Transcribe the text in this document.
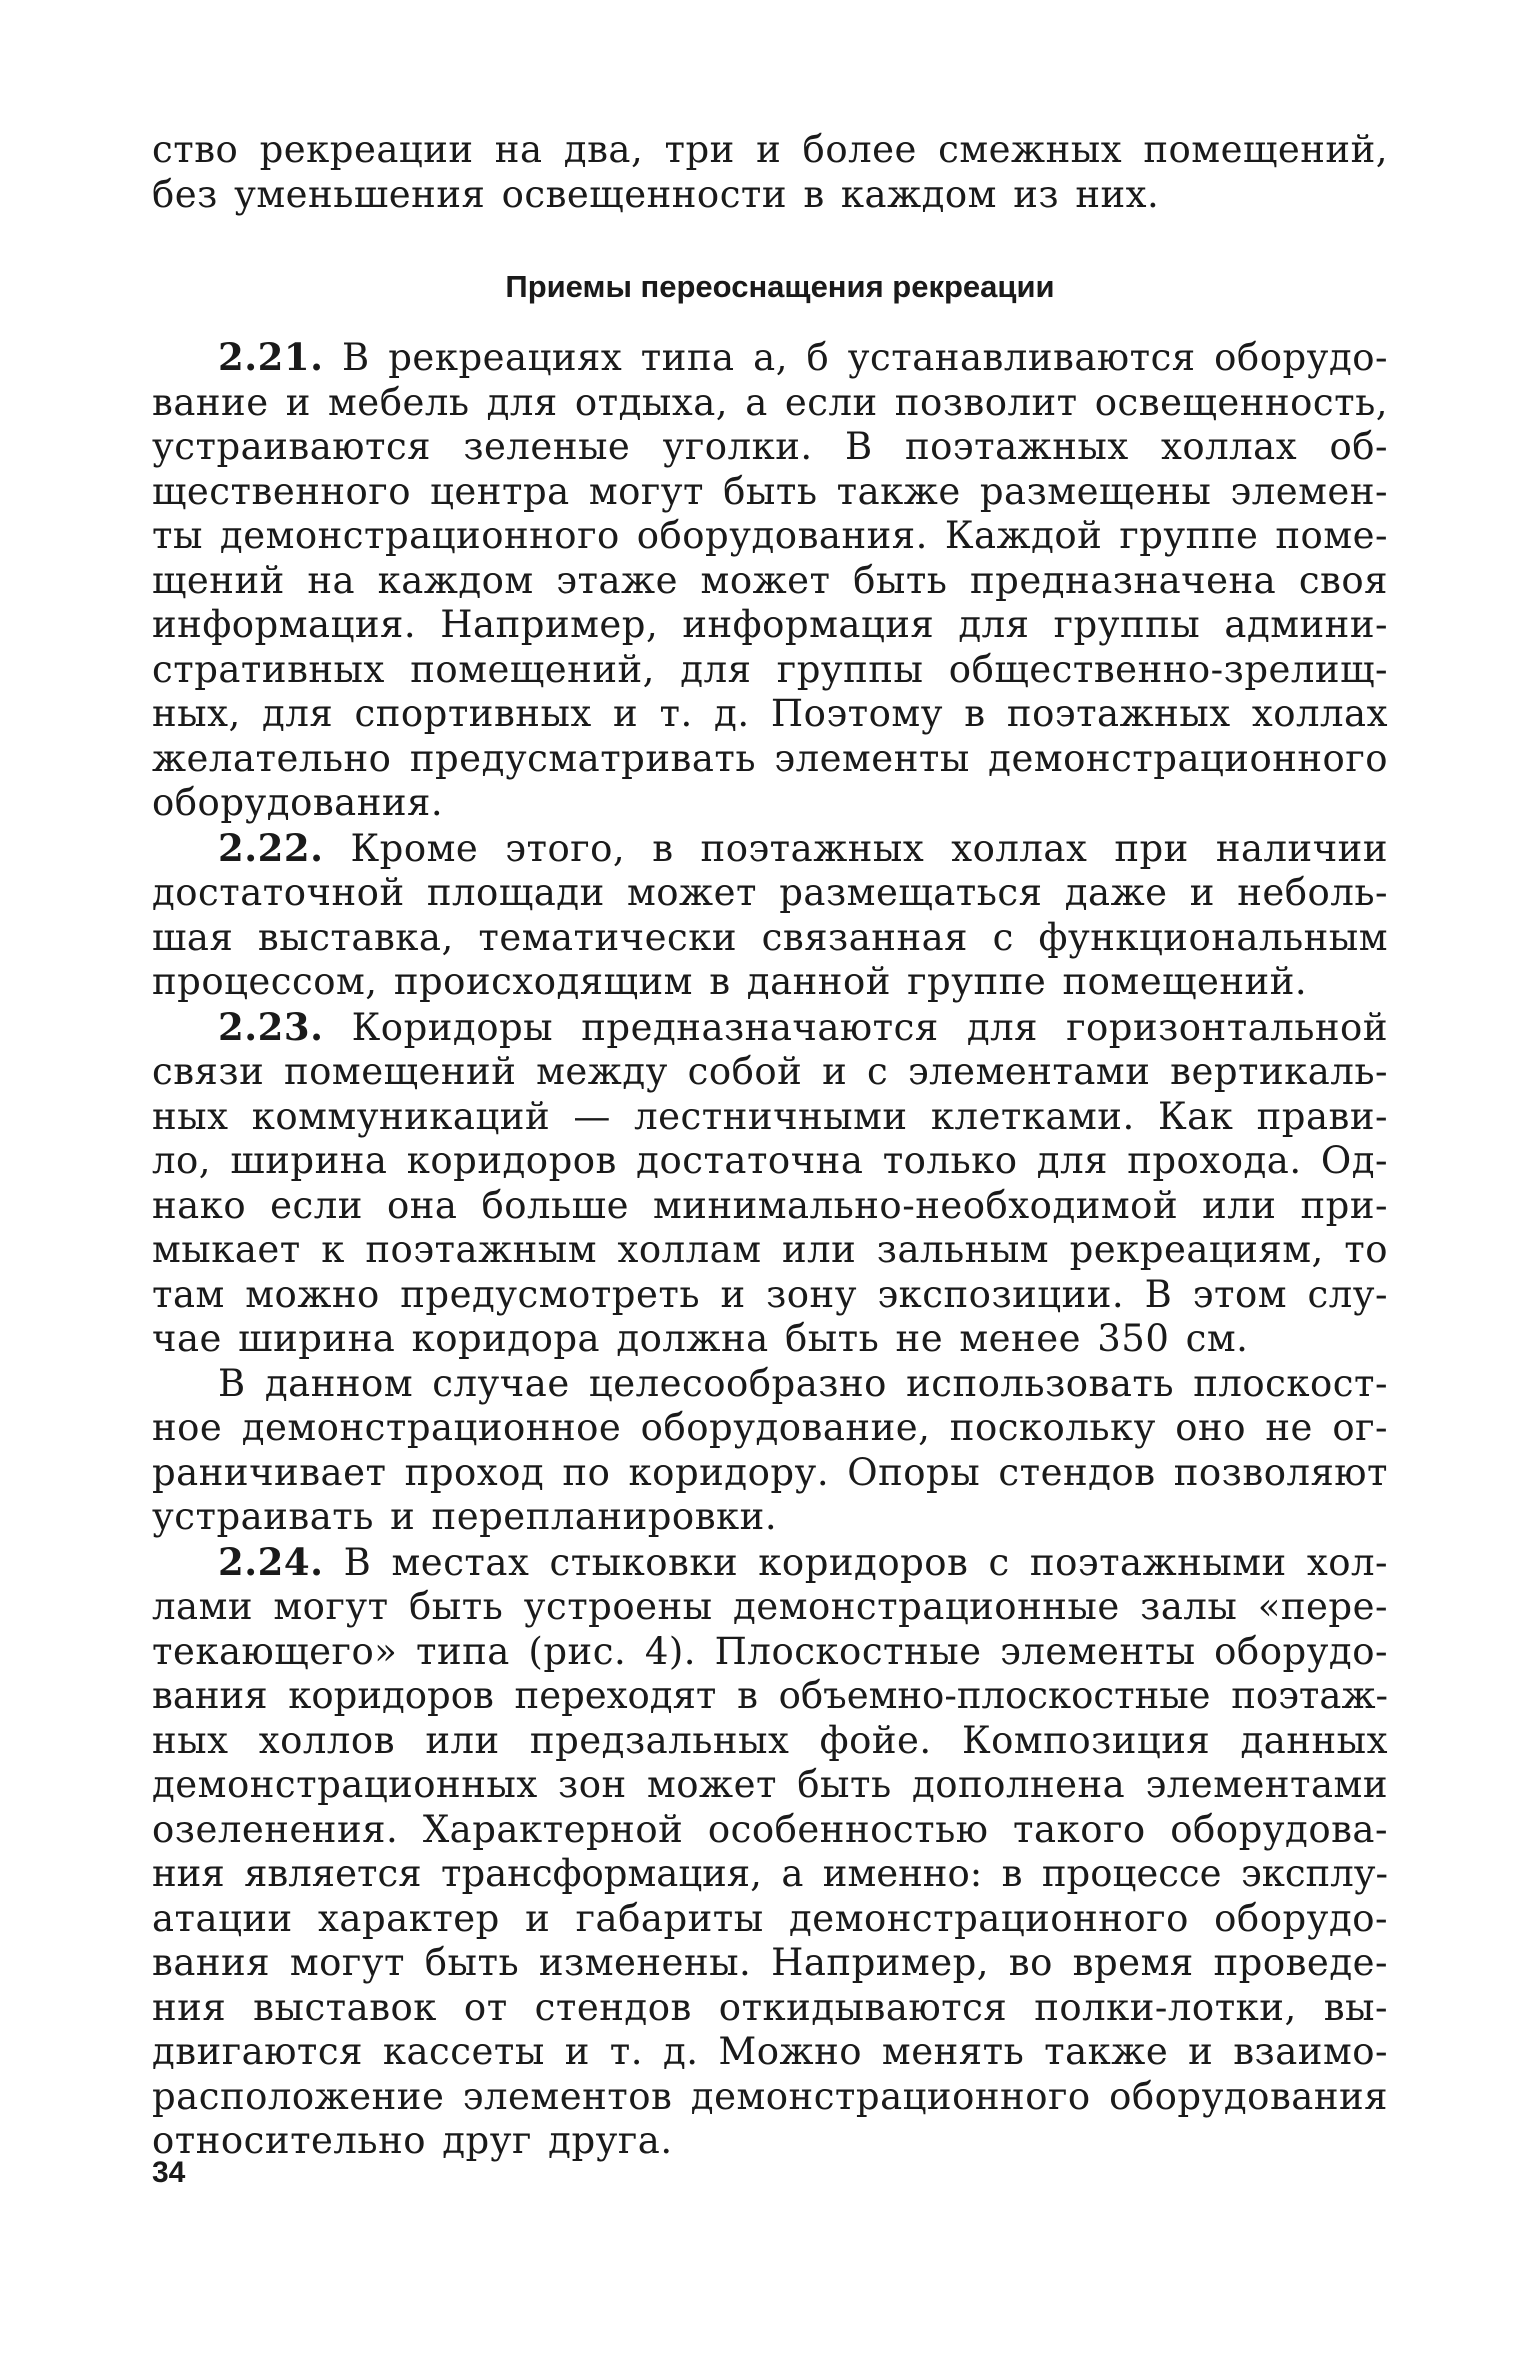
ство рекреации на два, три и более смежных помещений,
без уменьшения освещенности в каждом из них.
Приемы переоснащения рекреации
2.21. В рекреациях типа а, б устанавливаются оборудо-
вание и мебель для отдыха, а если позволит освещенность,
устраиваются зеленые уголки. В поэтажных холлах об-
щественного центра могут быть также размещены элемен-
ты демонстрационного оборудования. Каждой группе поме-
щений на каждом этаже может быть предназначена своя
информация. Например, информация для группы админи-
стративных помещений, для группы общественно-зрелищ-
ных, для спортивных и т. д. Поэтому в поэтажных холлах
желательно предусматривать элементы демонстрационного
оборудования.
2.22. Кроме этого, в поэтажных холлах при наличии
достаточной площади может размещаться даже и неболь-
шая выставка, тематически связанная с функциональным
процессом, происходящим в данной группе помещений.
2.23. Коридоры предназначаются для горизонтальной
связи помещений между собой и с элементами вертикаль-
ных коммуникаций — лестничными клетками. Как прави-
ло, ширина коридоров достаточна только для прохода. Од-
нако если она больше минимально-необходимой или при-
мыкает к поэтажным холлам или зальным рекреациям, то
там можно предусмотреть и зону экспозиции. В этом слу-
чае ширина коридора должна быть не менее 350 см.
В данном случае целесообразно использовать плоскост-
ное демонстрационное оборудование, поскольку оно не ог-
раничивает проход по коридору. Опоры стендов позволяют
устраивать и перепланировки.
2.24. В местах стыковки коридоров с поэтажными хол-
лами могут быть устроены демонстрационные залы «пере-
текающего» типа (рис. 4). Плоскостные элементы оборудо-
вания коридоров переходят в объемно-плоскостные поэтаж-
ных холлов или предзальных фойе. Композиция данных
демонстрационных зон может быть дополнена элементами
озеленения. Характерной особенностью такого оборудова-
ния является трансформация, а именно: в процессе эксплу-
атации характер и габариты демонстрационного оборудо-
вания могут быть изменены. Например, во время проведе-
ния выставок от стендов откидываются полки-лотки, вы-
двигаются кассеты и т. д. Можно менять также и взаимо-
расположение элементов демонстрационного оборудования
относительно друг друга.
34
